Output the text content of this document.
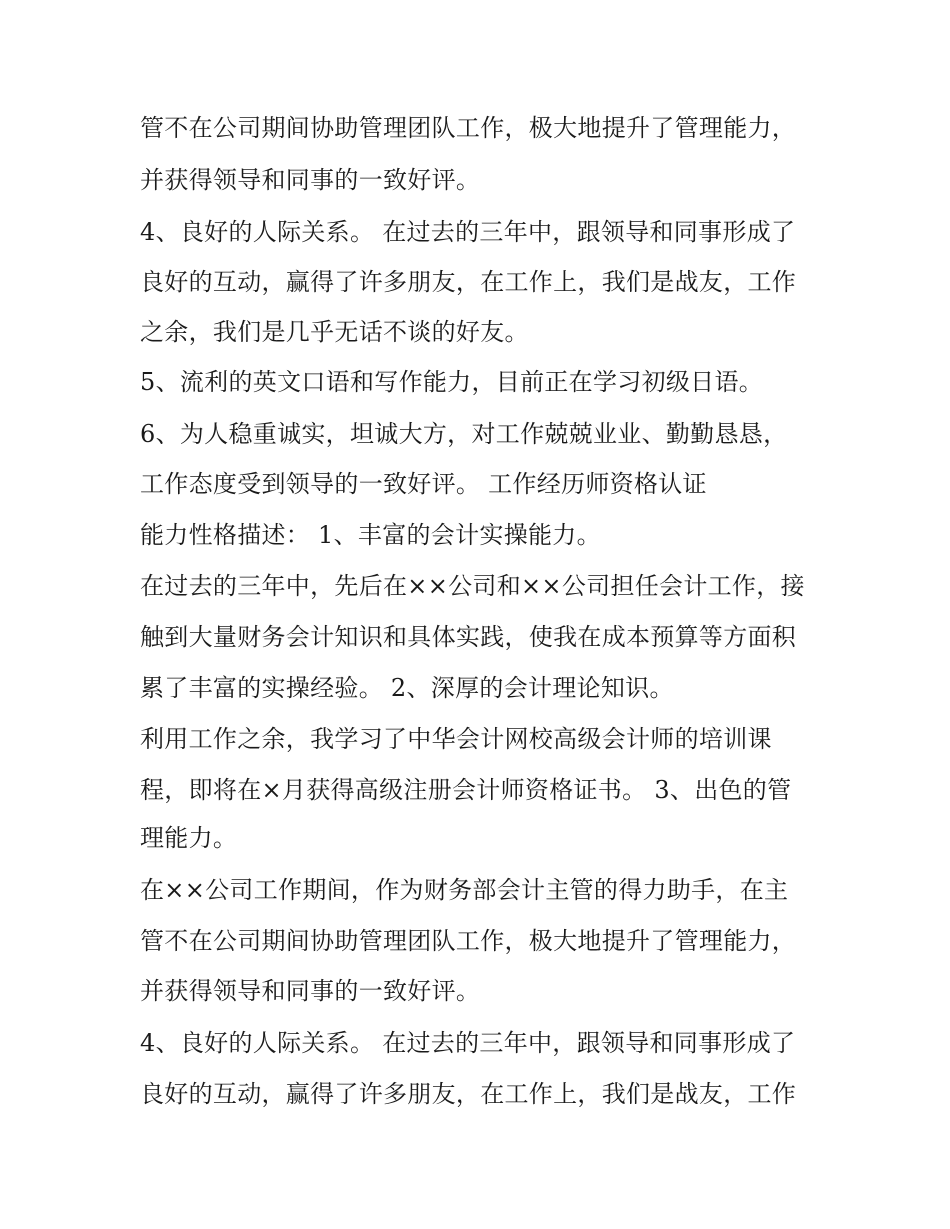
管不在公司期间协助管理团队工作，极大地提升了管理能力，
并获得领导和同事的一致好评。
4、良好的人际关系。 在过去的三年中，跟领导和同事形成了
良好的互动，赢得了许多朋友，在工作上，我们是战友，工作
之余，我们是几乎无话不谈的好友。
5、流利的英文口语和写作能力，目前正在学习初级日语。
6、为人稳重诚实，坦诚大方，对工作兢兢业业、勤勤恳恳，
工作态度受到领导的一致好评。 工作经历师资格认证
能力性格描述： 1、丰富的会计实操能力。
在过去的三年中，先后在××公司和××公司担任会计工作，接
触到大量财务会计知识和具体实践，使我在成本预算等方面积
累了丰富的实操经验。 2、深厚的会计理论知识。
利用工作之余，我学习了中华会计网校高级会计师的培训课
程，即将在×月获得高级注册会计师资格证书。 3、出色的管
理能力。
在××公司工作期间，作为财务部会计主管的得力助手，在主
管不在公司期间协助管理团队工作，极大地提升了管理能力，
并获得领导和同事的一致好评。
4、良好的人际关系。 在过去的三年中，跟领导和同事形成了
良好的互动，赢得了许多朋友，在工作上，我们是战友，工作
